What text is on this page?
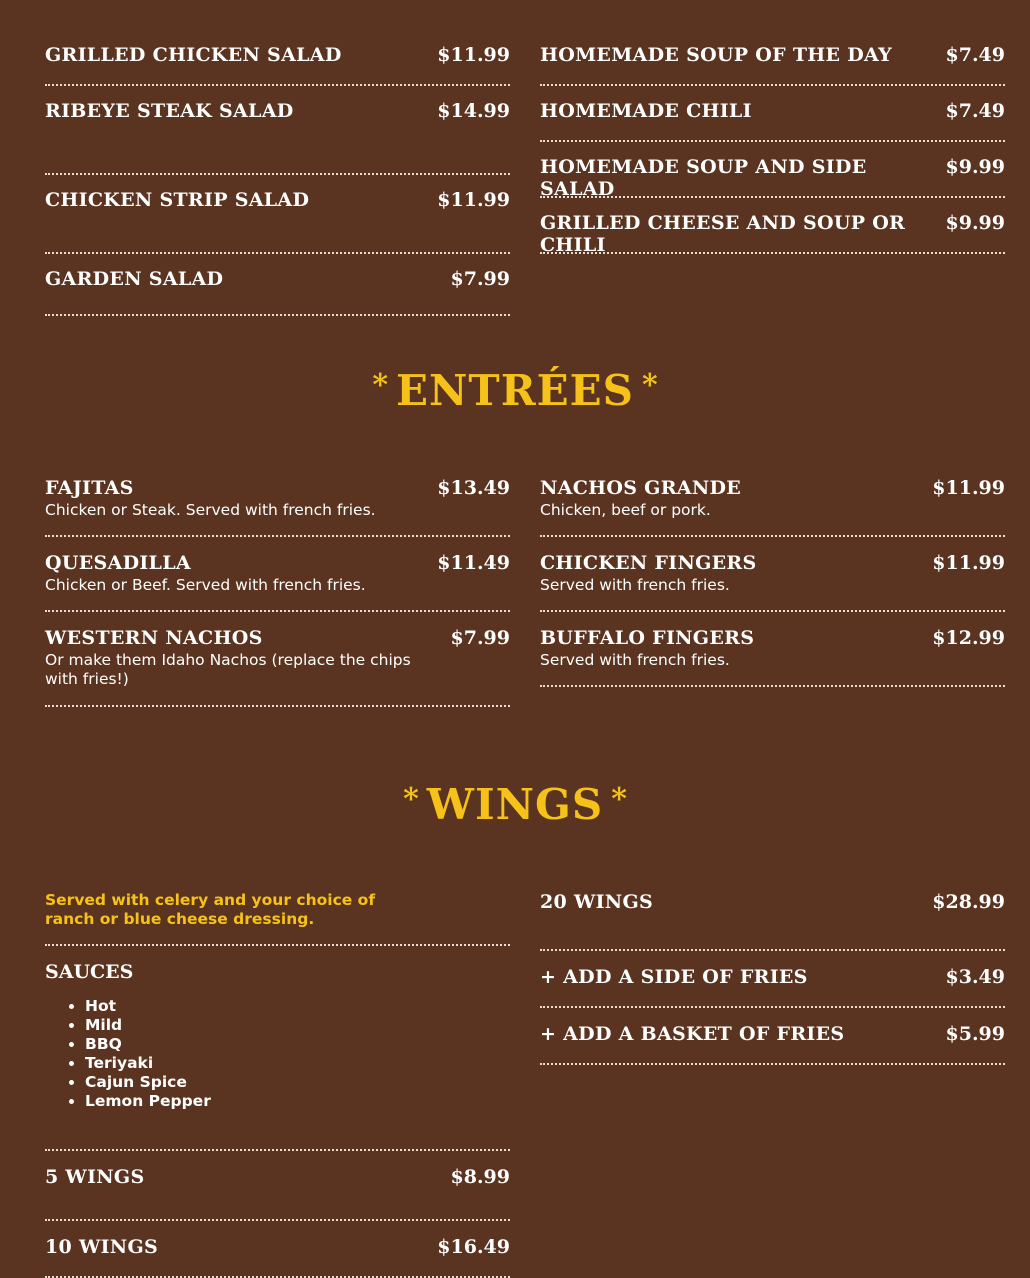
GRILLED CHICKEN SALAD	$11.99
RIBEYE STEAK SALAD	$14.99
CHICKEN STRIP SALAD	$11.99
GARDEN SALAD	$7.99
HOMEMADE SOUP OF THE DAY	$7.49
HOMEMADE CHILI	$7.49
HOMEMADE SOUP AND SIDE SALAD
$9.99
GRILLED CHEESE AND SOUP OR CHILI
$9.99
* ENTRÉES *
FAJITAS	$13.49
Chicken or Steak. Served with french fries.
QUESADILLA	$11.49
Chicken or Beef. Served with french fries.
WESTERN NACHOS	$7.99
Or make them Idaho Nachos (replace the chips with fries!)
NACHOS GRANDE	$11.99
Chicken, beef or pork.
CHICKEN FINGERS	$11.99
Served with french fries.
BUFFALO FINGERS	$12.99
Served with french fries.
* WINGS *
Served with celery and your choice of ranch or blue cheese dressing.
SAUCES
• Hot
• Mild
• BBQ
• Teriyaki
• Cajun Spice
• Lemon Pepper
5 WINGS	$8.99
10 WINGS	$16.49
20 WINGS	$28.99
+ ADD A SIDE OF FRIES	$3.49
+ ADD A BASKET OF FRIES	$5.99
